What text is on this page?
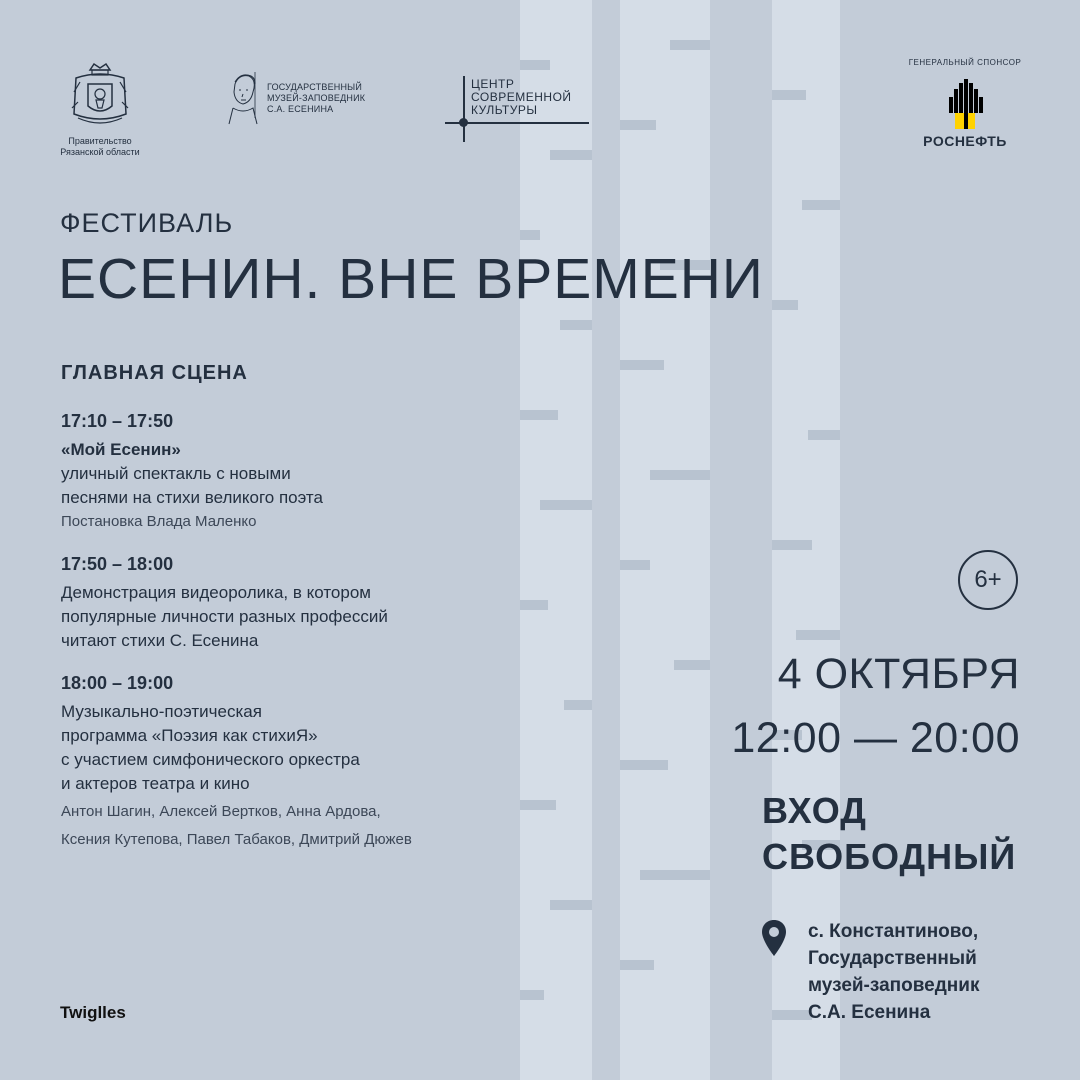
Правительство
Рязанской области
ГОСУДАРСТВЕННЫЙ
МУЗЕЙ-ЗАПОВЕДНИК
С.А. ЕСЕНИНА
ЦЕНТР
СОВРЕМЕННОЙ
КУЛЬТУРЫ
ГЕНЕРАЛЬНЫЙ СПОНСОР
РОСНЕФТЬ
ФЕСТИВАЛЬ
ЕСЕНИН. ВНЕ ВРЕМЕНИ
ГЛАВНАЯ СЦЕНА
17:10 – 17:50
«Мой Есенин»
уличный спектакль с новыми
песнями на стихи великого поэта
Постановка Влада Маленко
17:50 – 18:00
Демонстрация видеоролика, в котором
популярные личности разных профессий
читают стихи С. Есенина
18:00 – 19:00
Музыкально-поэтическая
программа «Поэзия как стихиЯ»
с участием симфонического оркестра
и актеров театра и кино
Антон Шагин, Алексей Вертков, Анна Ардова,
Ксения Кутепова, Павел Табаков, Дмитрий Дюжев
6+
4 ОКТЯБРЯ
12:00 — 20:00
ВХОД
СВОБОДНЫЙ
с. Константиново,
Государственный
музей-заповедник
С.А. Есенина
Twiglles
